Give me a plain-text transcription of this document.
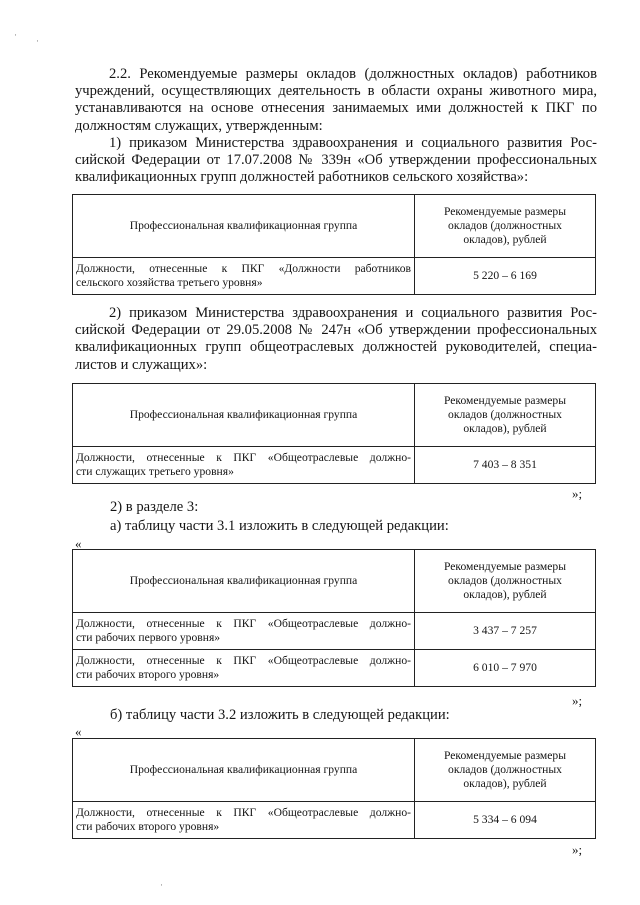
·
·
·
2.2. Рекомендуемые размеры окладов (должностных окладов) работников
учреждений, осуществляющих деятельность в области охраны животного мира,
устанавливаются на основе отнесения занимаемых ими должностей к ПКГ по
должностям служащих, утвержденным:
1) приказом Министерства здравоохранения и социального развития Рос-
сийской Федерации от 17.07.2008 № 339н «Об утверждении профессиональных
квалификационных групп должностей работников сельского хозяйства»:
Профессиональная квалификационная группа	Рекомендуемые размеры
окладов (должностных
окладов), рублей

Должности, отнесенные к ПКГ «Должности работников
сельского хозяйства третьего уровня»	5 220 – 6 169
2) приказом Министерства здравоохранения и социального развития Рос-
сийской Федерации от 29.05.2008 № 247н «Об утверждении профессиональных
квалификационных групп общеотраслевых должностей руководителей, специа-
листов и служащих»:
Профессиональная квалификационная группа	Рекомендуемые размеры
окладов (должностных
окладов), рублей

Должности, отнесенные к ПКГ «Общеотраслевые должно-
сти служащих третьего уровня»	7 403 – 8 351
»;
2) в разделе 3:
а) таблицу части 3.1 изложить в следующей редакции:
«
Профессиональная квалификационная группа	Рекомендуемые размеры
окладов (должностных
окладов), рублей

Должности, отнесенные к ПКГ «Общеотраслевые должно-
сти рабочих первого уровня»	3 437 – 7 257

Должности, отнесенные к ПКГ «Общеотраслевые должно-
сти рабочих второго уровня»	6 010 – 7 970
»;
б) таблицу части 3.2 изложить в следующей редакции:
«
Профессиональная квалификационная группа	Рекомендуемые размеры
окладов (должностных
окладов), рублей

Должности, отнесенные к ПКГ «Общеотраслевые должно-
сти рабочих второго уровня»	5 334 – 6 094
»;
